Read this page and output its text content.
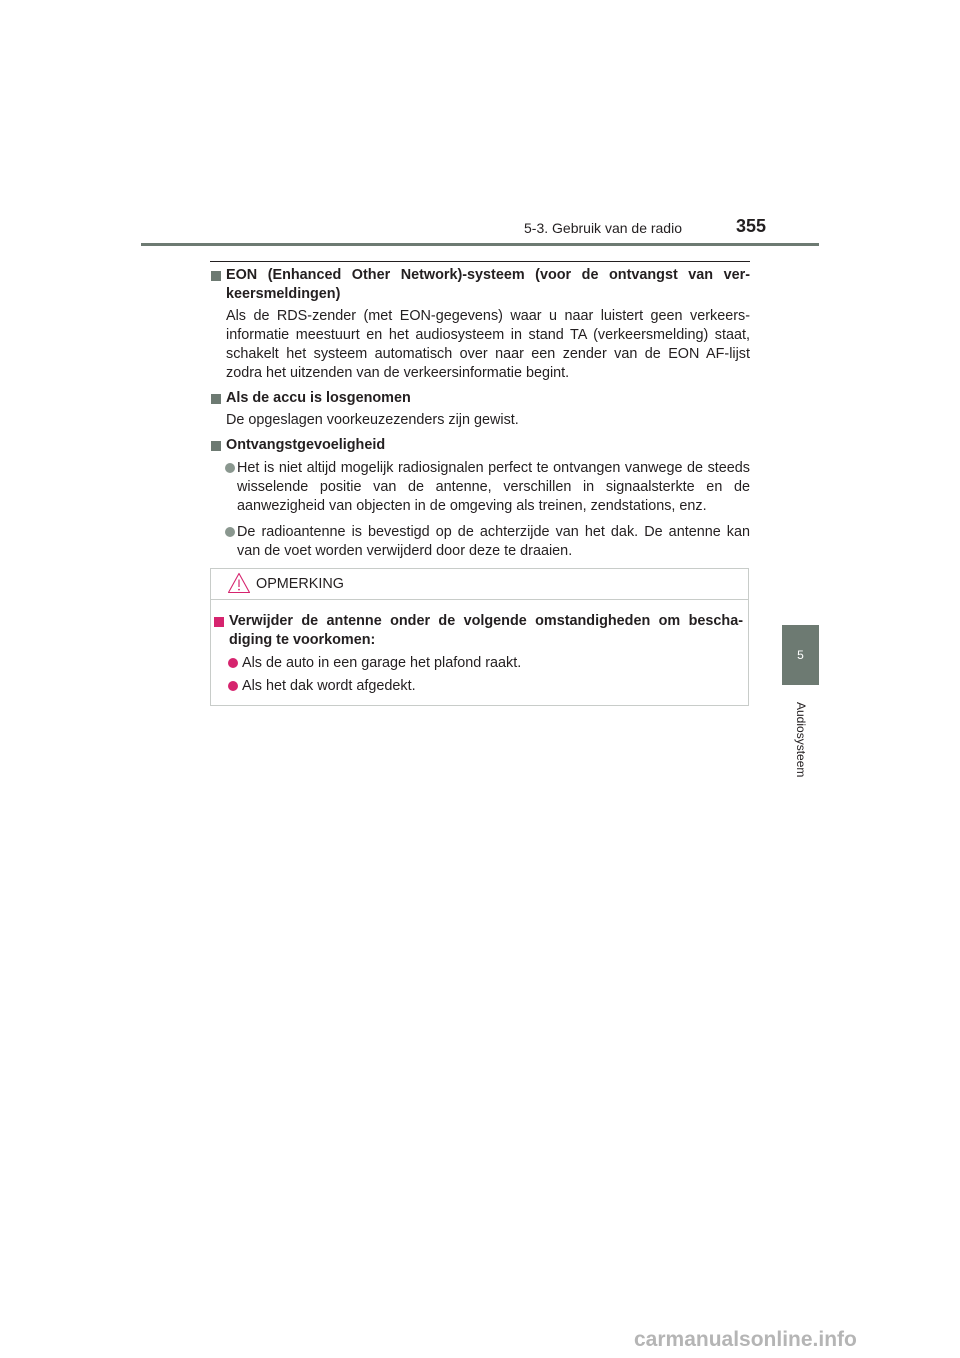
5-3. Gebruik van de radio	355
5
Audiosysteem
EON (Enhanced Other Network)-systeem (voor de ontvangst van ver-keersmeldingen)
Als de RDS-zender (met EON-gegevens) waar u naar luistert geen verkeers-informatie meestuurt en het audiosysteem in stand TA (verkeersmelding) staat, schakelt het systeem automatisch over naar een zender van de EON AF-lijst zodra het uitzenden van de verkeersinformatie begint.
Als de accu is losgenomen
De opgeslagen voorkeuzezenders zijn gewist.
Ontvangstgevoeligheid
Het is niet altijd mogelijk radiosignalen perfect te ontvangen vanwege de steeds wisselende positie van de antenne, verschillen in signaalsterkte en de aanwezigheid van objecten in de omgeving als treinen, zendstations, enz.
De radioantenne is bevestigd op de achterzijde van het dak. De antenne kan van de voet worden verwijderd door deze te draaien.
OPMERKING
Verwijder de antenne onder de volgende omstandigheden om bescha-diging te voorkomen:
Als de auto in een garage het plafond raakt.
Als het dak wordt afgedekt.
carmanualsonline.info
